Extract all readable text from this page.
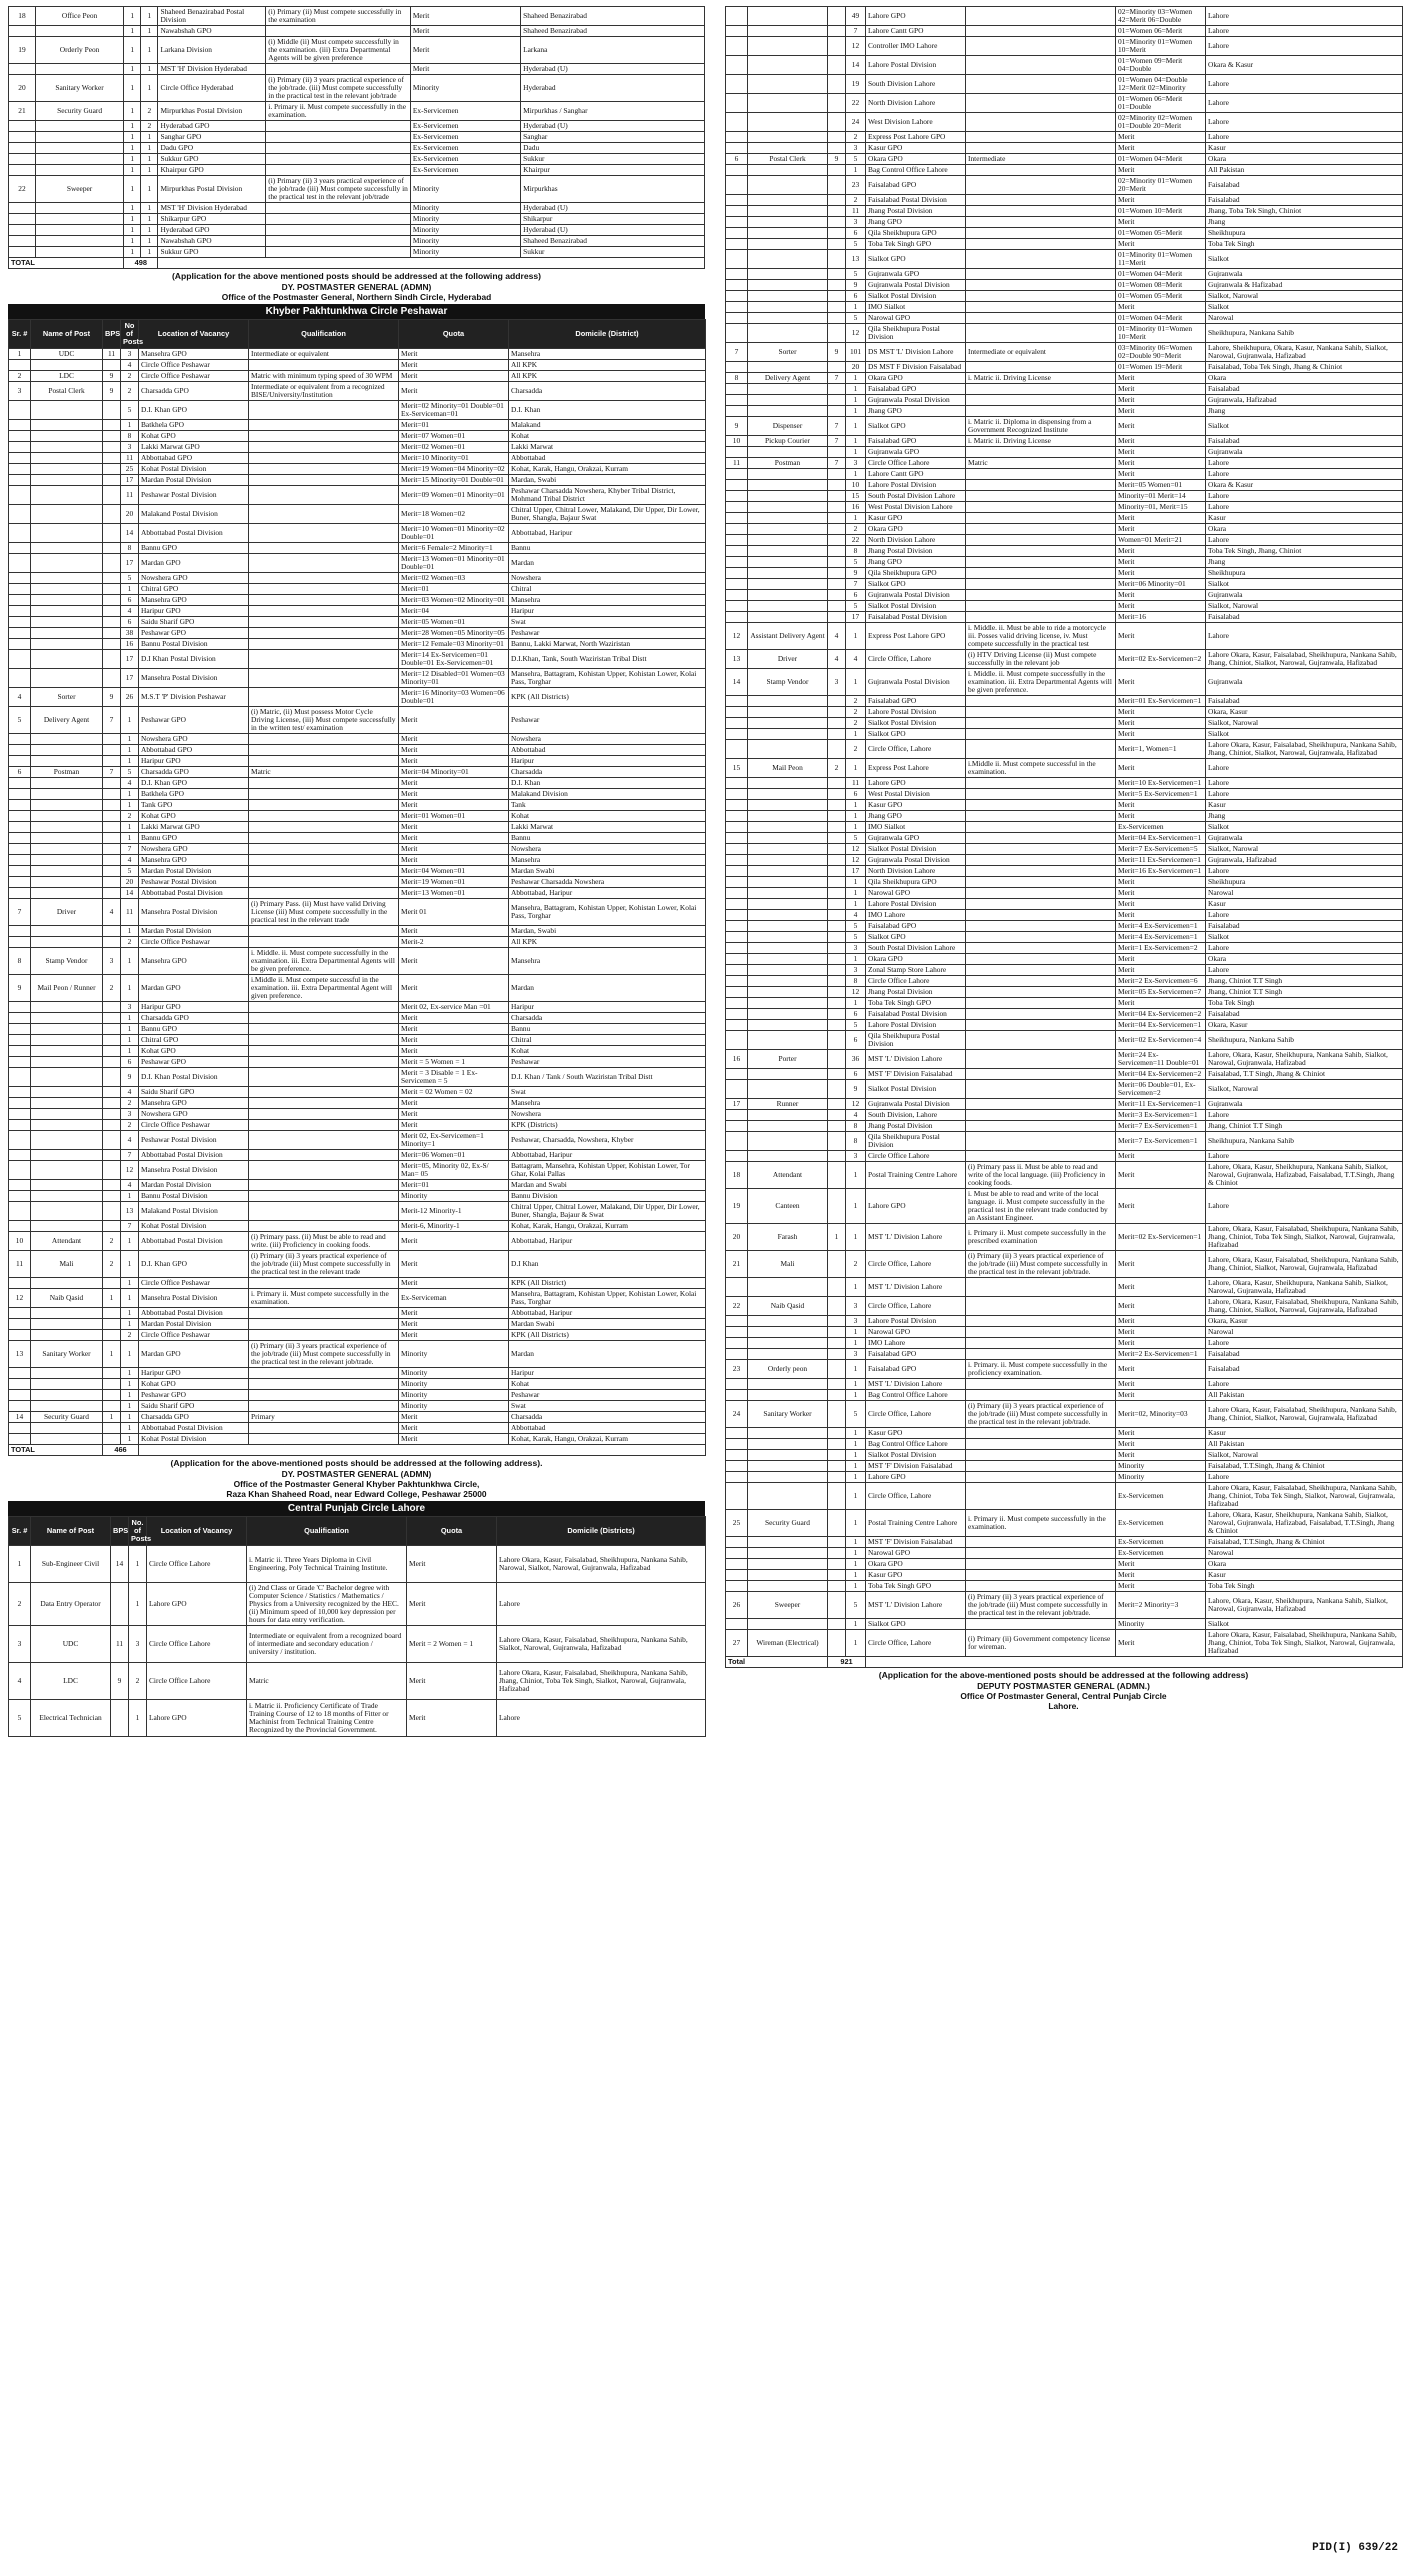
18	Office Peon	1	1	Shaheed Benazirabad Postal Division	(i) Primary (ii) Must compete successfully in the examination	Merit	Shaheed Benazirabad
		1	1	Nawabshah GPO		Merit	Shaheed Benazirabad
19	Orderly Peon	1	1	Larkana Division	(i) Middle (ii) Must compete successfully in the examination. (iii) Extra Departmental Agents will be given preference	Merit	Larkana
		1	1	MST 'H' Division Hyderabad		Merit	Hyderabad (U)
20	Sanitary Worker	1	1	Circle Office Hyderabad	(i) Primary (ii) 3 years practical experience of the job/trade. (iii) Must compete successfully in the practical test in the relevant job/trade	Minority	Hyderabad
21	Security Guard	1	2	Mirpurkhas Postal Division	i. Primary ii. Must compete successfully in the examination.	Ex-Servicemen	Mirpurkhas / Sanghar
		1	2	Hyderabad GPO		Ex-Servicemen	Hyderabad (U)
		1	1	Sanghar GPO		Ex-Servicemen	Sanghar
		1	1	Dadu GPO		Ex-Servicemen	Dadu
		1	1	Sukkur GPO		Ex-Servicemen	Sukkur
		1	1	Khairpur GPO		Ex-Servicemen	Khairpur
22	Sweeper	1	1	Mirpurkhas Postal Division	(i) Primary (ii) 3 years practical experience of the job/trade (iii) Must compete successfully in the practical test in the relevant job/trade	Minority	Mirpurkhas
		1	1	MST 'H' Division Hyderabad		Minority	Hyderabad (U)
		1	1	Shikarpur GPO		Minority	Shikarpur
		1	1	Hyderabad GPO		Minority	Hyderabad (U)
		1	1	Nawabshah GPO		Minority	Shaheed Benazirabad
		1	1	Sukkur GPO		Minority	Sukkur
TOTAL		498					
(Application for the above mentioned posts should be addressed at the following address)
DY. POSTMASTER GENERAL (ADMN)
Office of the Postmaster General, Northern Sindh Circle, Hyderabad
Khyber Pakhtunkhwa Circle Peshawar
Sr. #	Name of Post	BPS	No of Posts	Location of Vacancy	Qualification	Quota	Domicile (District)
1	UDC	11	3	Mansehra GPO	Intermediate or equivalent	Merit	Mansehra
			4	Circle Office Peshawar		Merit	All KPK
2	LDC	9	2	Circle Office Peshawar	Matric with minimum typing speed of 30 WPM	Merit	All KPK
3	Postal Clerk	9	2	Charsadda GPO	Intermediate or equivalent from a recognized BISE/University/Institution	Merit	Charsadda
			5	D.I. Khan GPO		Merit=02 Minority=01 Double=01 Ex-Serviceman=01	D.I. Khan
			1	Batkhela GPO		Merit=01	Malakand
			8	Kohat GPO		Merit=07 Women=01	Kohat
			3	Lakki Marwat GPO		Merit=02 Women=01	Lakki Marwat
			11	Abbottabad GPO		Merit=10 Minority=01	Abbottabad
			25	Kohat Postal Division		Merit=19 Women=04 Minority=02	Kohat, Karak, Hangu, Orakzai, Kurram
			17	Mardan Postal Division		Merit=15 Minority=01 Double=01	Mardan, Swabi
			11	Peshawar Postal Division		Merit=09 Women=01 Minority=01	Peshawar Charsadda Nowshera, Khyber Tribal District, Mohmand Tribal District
			20	Malakand Postal Division		Merit=18 Women=02	Chitral Upper, Chitral Lower, Malakand, Dir Upper, Dir Lower, Buner, Shangla, Bajaur Swat
			14	Abbottabad Postal Division		Merit=10 Women=01 Minority=02 Double=01	Abbottabad, Haripur
			8	Bannu GPO		Merit=6 Female=2 Minority=1	Bannu
			17	Mardan GPO		Merit=13 Women=01 Minority=01 Double=01	Mardan
			5	Nowshera GPO		Merit=02 Women=03	Nowshera
			1	Chitral GPO		Merit=01	Chitral
			6	Mansehra GPO		Merit=03 Women=02 Minority=01	Mansehra
			4	Haripur GPO		Merit=04	Haripur
			6	Saidu Sharif GPO		Merit=05 Women=01	Swat
			38	Peshawar GPO		Merit=28 Women=05 Minority=05	Peshawar
			16	Bannu Postal Division		Merit=12 Female=03 Minority=01	Bannu, Lakki Marwat, North Waziristan
			17	D.I Khan Postal Division		Merit=14 Ex-Servicemen=01 Double=01 Ex-Servicemen=01	D.I.Khan, Tank, South Waziristan Tribal Distt
			17	Mansehra Postal Division		Merit=12 Disabled=01 Women=03 Minority=01	Mansehra, Battagram, Kohistan Upper, Kohistan Lower, Kolai Pass, Torghar
4	Sorter	9	26	M.S.T 'P' Division Peshawar		Merit=16 Minority=03 Women=06 Double=01	KPK (All Districts)
5	Delivery Agent	7	1	Peshawar GPO	(i) Matric, (ii) Must possess Motor Cycle Driving License, (iii) Must compete successfully in the written test/ examination	Merit	Peshawar
			1	Nowshera GPO		Merit	Nowshera
			1	Abbottabad GPO		Merit	Abbottabad
			1	Haripur GPO		Merit	Haripur
6	Postman	7	5	Charsadda GPO	Matric	Merit=04 Minority=01	Charsadda
			4	D.I. Khan GPO		Merit	D.I. Khan
			1	Batkhela GPO		Merit	Malakand Division
			1	Tank GPO		Merit	Tank
			2	Kohat GPO		Merit=01 Women=01	Kohat
			1	Lakki Marwat GPO		Merit	Lakki Marwat
			1	Bannu GPO		Merit	Bannu
			7	Nowshera GPO		Merit	Nowshera
			4	Mansehra GPO		Merit	Mansehra
			5	Mardan Postal Division		Merit=04 Women=01	Mardan Swabi
			20	Peshawar Postal Division		Merit=19 Women=01	Peshawar Charsadda Nowshera
			14	Abbottabad Postal Division		Merit=13 Women=01	Abbottabad, Haripur
7	Driver	4	11	Mansehra Postal Division	(i) Primary Pass. (ii) Must have valid Driving License (iii) Must compete successfully in the practical test in the relevant trade	Merit 01	Mansehra, Battagram, Kohistan Upper, Kohistan Lower, Kolai Pass, Torghar
			1	Mardan Postal Division		Merit	Mardan, Swabi
			2	Circle Office Peshawar		Merit-2	All KPK
8	Stamp Vendor	3	1	Mansehra GPO	i. Middle. ii. Must compete successfully in the examination. iii. Extra Departmental Agents will be given preference.	Merit	Mansehra
9	Mail Peon / Runner	2	1	Mardan GPO	i.Middle ii. Must compete successful in the examination. iii. Extra Departmental Agent will given preference.	Merit	Mardan
			3	Haripur GPO		Merit 02, Ex-service Man =01	Haripur
			1	Charsadda GPO		Merit	Charsadda
			1	Bannu GPO		Merit	Bannu
			1	Chitral GPO		Merit	Chitral
			1	Kohat GPO		Merit	Kohat
			6	Peshawar GPO		Merit = 5 Women = 1	Peshawar
			9	D.I. Khan Postal Division		Merit = 3 Disable = 1 Ex-Servicemen = 5	D.I. Khan / Tank / South Waziristan Tribal Distt
			4	Saidu Sharif GPO		Merit = 02 Women = 02	Swat
			2	Mansehra GPO		Merit	Mansehra
			3	Nowshera GPO		Merit	Nowshera
			2	Circle Office Peshawar		Merit	KPK (Districts)
			4	Peshawar Postal Division		Merit 02, Ex-Servicemen=1 Minority=1	Peshawar, Charsadda, Nowshera, Khyber
			7	Abbottabad Postal Division		Merit=06 Women=01	Abbottabad, Haripur
			12	Mansehra Postal Division		Merit=05, Minority 02, Ex-S/ Man= 05	Battagram, Mansehra, Kohistan Upper, Kohistan Lower, Tor Ghar, Kolai Pallas
			4	Mardan Postal Division		Merit=01	Mardan and Swabi
			1	Bannu Postal Division		Minority	Bannu Division
			13	Malakand Postal Division		Merit-12 Minority-1	Chitral Upper, Chitral Lower, Malakand, Dir Upper, Dir Lower, Buner, Shangla, Bajaur & Swat
			7	Kohat Postal Division		Merit-6, Minority-1	Kohat, Karak, Hangu, Orakzai, Kurram
10	Attendant	2	1	Abbottabad Postal Division	(i) Primary pass. (ii) Must be able to read and write. (iii) Proficiency in cooking foods.	Merit	Abbottabad, Haripur
11	Mali	2	1	D.I. Khan GPO	(i) Primary (ii) 3 years practical experience of the job/trade (iii) Must compete successfully in the practical test in the relevant trade	Merit	D.I Khan
			1	Circle Office Peshawar		Merit	KPK (All District)
12	Naib Qasid	1	1	Mansehra Postal Division	i. Primary ii. Must compete successfully in the examination.	Ex-Serviceman	Mansehra, Battagram, Kohistan Upper, Kohistan Lower, Kolai Pass, Torghar
			1	Abbottabad Postal Division		Merit	Abbottabad, Haripur
			1	Mardan Postal Division		Merit	Mardan Swabi
			2	Circle Office Peshawar		Merit	KPK (All Districts)
13	Sanitary Worker	1	1	Mardan GPO	(i) Primary (ii) 3 years practical experience of the job/trade (iii) Must compete successfully in the practical test in the relevant job/trade.	Minority	Mardan
			1	Haripur GPO		Minority	Haripur
			1	Kohat GPO		Minority	Kohat
			1	Peshawar GPO		Minority	Peshawar
			1	Saidu Sharif GPO		Minority	Swat
14	Security Guard	1	1	Charsadda GPO	Primary	Merit	Charsadda
			1	Abbottabad Postal Division		Merit	Abbottabad
			1	Kohat Postal Division		Merit	Kohat, Karak, Hangu, Orakzai, Kurram
TOTAL		466					
(Application for the above-mentioned posts should be addressed at the following address).
DY. POSTMASTER GENERAL (ADMN)
Office of the Postmaster General Khyber Pakhtunkhwa Circle,
Raza Khan Shaheed Road, near Edward College, Peshawar 25000
Central Punjab Circle Lahore
Sr. #	Name of Post	BPS	No. of Posts	Location of Vacancy	Qualification	Quota	Domicile (Districts)
1	Sub-Engineer Civil	14	1	Circle Office Lahore	i. Matric ii. Three Years Diploma in Civil Engineering, Poly Technical Training Institute.	Merit	Lahore Okara, Kasur, Faisalabad, Sheikhupura, Nankana Sahib, Narowal, Sialkot, Narowal, Gujranwala, Hafizabad
2	Data Entry Operator		1	Lahore GPO	(i) 2nd Class or Grade 'C' Bachelor degree with Computer Science / Statistics / Mathematics / Physics from a University recognized by the HEC. (ii) Minimum speed of 10,000 key depression per hours for data entry verification.	Merit	Lahore
3	UDC	11	3	Circle Office Lahore	Intermediate or equivalent from a recognized board of intermediate and secondary education / university / institution.	Merit = 2 Women = 1	Lahore Okara, Kasur, Faisalabad, Sheikhupura, Nankana Sahib, Sialkot, Narowal, Gujranwala, Hafizabad
4	LDC	9	2	Circle Office Lahore	Matric	Merit	Lahore Okara, Kasur, Faisalabad, Sheikhupura, Nankana Sahib, Jhang, Chiniot, Toba Tek Singh, Sialkot, Narowal, Gujranwala, Hafizabad
5	Electrical Technician		1	Lahore GPO	i. Matric ii. Proficiency Certificate of Trade Training Course of 12 to 18 months of Fitter or Machinist from Technical Training Centre Recognized by the Provincial Government.	Merit	Lahore
			49	Lahore GPO		02=Minority 03=Women 42=Merit 06=Double	Lahore
			7	Lahore Cantt GPO		01=Women 06=Merit	Lahore
			12	Controller IMO Lahore		01=Minority 01=Women 10=Merit	Lahore
			14	Lahore Postal Division		01=Women 09=Merit 04=Double	Okara & Kasur
			19	South Division Lahore		01=Women 04=Double 12=Merit 02=Minority	Lahore
			22	North Division Lahore		01=Women 06=Merit 01=Double	Lahore
			24	West Division Lahore		02=Minority 02=Women 01=Double 20=Merit	Lahore
			2	Express Post Lahore GPO		Merit	Lahore
			3	Kasur GPO		Merit	Kasur
6	Postal Clerk	9	5	Okara GPO	Intermediate	01=Women 04=Merit	Okara
			1	Bag Control Office Lahore		Merit	All Pakistan
			23	Faisalabad GPO		02=Minority 01=Women 20=Merit	Faisalabad
			2	Faisalabad Postal Division		Merit	Faisalabad
			11	Jhang Postal Division		01=Women 10=Merit	Jhang, Toba Tek Singh, Chiniot
			3	Jhang GPO		Merit	Jhang
			6	Qila Sheikhupura GPO		01=Women 05=Merit	Sheikhupura
			5	Toba Tek Singh GPO		Merit	Toba Tek Singh
			13	Sialkot GPO		01=Minority 01=Women 11=Merit	Sialkot
			5	Gujranwala GPO		01=Women 04=Merit	Gujranwala
			9	Gujranwala Postal Division		01=Women 08=Merit	Gujranwala & Hafizabad
			6	Sialkot Postal Division		01=Women 05=Merit	Sialkot, Narowal
			1	IMO Sialkot		Merit	Sialkot
			5	Narowal GPO		01=Women 04=Merit	Narowal
			12	Qila Sheikhupura Postal Division		01=Minority 01=Women 10=Merit	Sheikhupura, Nankana Sahib
7	Sorter	9	101	DS MST 'L' Division Lahore	Intermediate or equivalent	03=Minority 06=Women 02=Double 90=Merit	Lahore, Sheikhupura, Okara, Kasur, Nankana Sahib, Sialkot, Narowal, Gujranwala, Hafizabad
			20	DS MST F Division Faisalabad		01=Women 19=Merit	Faisalabad, Toba Tek Singh, Jhang & Chiniot
8	Delivery Agent	7	1	Okara GPO	i. Matric ii. Driving License	Merit	Okara
			1	Faisalabad GPO		Merit	Faisalabad
			1	Gujranwala Postal Division		Merit	Gujranwala, Hafizabad
			1	Jhang GPO		Merit	Jhang
9	Dispenser	7	1	Sialkot GPO	i. Matric ii. Diploma in dispensing from a Government Recognized Institute	Merit	Sialkot
10	Pickup Courier	7	1	Faisalabad GPO	i. Matric ii. Driving License	Merit	Faisalabad
			1	Gujranwala GPO		Merit	Gujranwala
11	Postman	7	3	Circle Office Lahore	Matric	Merit	Lahore
			1	Lahore Cantt GPO		Merit	Lahore
			10	Lahore Postal Division		Merit=05 Women=01	Okara & Kasur
			15	South Postal Division Lahore		Minority=01 Merit=14	Lahore
			16	West Postal Division Lahore		Minority=01, Merit=15	Lahore
			1	Kasur GPO		Merit	Kasur
			2	Okara GPO		Merit	Okara
			22	North Division Lahore		Women=01 Merit=21	Lahore
			8	Jhang Postal Division		Merit	Toba Tek Singh, Jhang, Chiniot
			5	Jhang GPO		Merit	Jhang
			9	Qila Sheikhupura GPO		Merit	Sheikhupura
			7	Sialkot GPO		Merit=06 Minority=01	Sialkot
			6	Gujranwala Postal Division		Merit	Gujranwala
			5	Sialkot Postal Division		Merit	Sialkot, Narowal
			17	Faisalabad Postal Division		Merit=16	Faisalabad
12	Assistant Delivery Agent	4	1	Express Post Lahore GPO	i. Middle. ii. Must be able to ride a motorcycle iii. Posses valid driving license, iv. Must compete successfully in the practical test	Merit	Lahore
13	Driver	4	4	Circle Office, Lahore	(i) HTV Driving License (ii) Must compete successfully in the relevant job	Merit=02 Ex-Servicemen=2	Lahore Okara, Kasur, Faisalabad, Sheikhupura, Nankana Sahib, Jhang, Chiniot, Sialkot, Narowal, Gujranwala, Hafizabad
14	Stamp Vendor	3	1	Gujranwala Postal Division	i. Middle. ii. Must compete successfully in the examination. iii. Extra Departmental Agents will be given preference.	Merit	Gujranwala
			2	Faisalabad GPO		Merit=01 Ex-Servicemen=1	Faisalabad
			2	Lahore Postal Division		Merit	Okara, Kasur
			2	Sialkot Postal Division		Merit	Sialkot, Narowal
			1	Sialkot GPO		Merit	Sialkot
			2	Circle Office, Lahore		Merit=1, Women=1	Lahore Okara, Kasur, Faisalabad, Sheikhupura, Nankana Sahib, Jhang, Chiniot, Sialkot, Narowal, Gujranwala, Hafizabad
15	Mail Peon	2	1	Express Post Lahore	i.Middle ii. Must compete successful in the examination.	Merit	Lahore
			11	Lahore GPO		Merit=10 Ex-Servicemen=1	Lahore
			6	West Postal Division		Merit=5 Ex-Servicemen=1	Lahore
			1	Kasur GPO		Merit	Kasur
			1	Jhang GPO		Merit	Jhang
			1	IMO Sialkot		Ex-Servicemen	Sialkot
			5	Gujranwala GPO		Merit=04 Ex-Servicemen=1	Gujranwala
			12	Sialkot Postal Division		Merit=7 Ex-Servicemen=5	Sialkot, Narowal
			12	Gujranwala Postal Division		Merit=11 Ex-Servicemen=1	Gujranwala, Hafizabad
			17	North Division Lahore		Merit=16 Ex-Servicemen=1	Lahore
			1	Qila Sheikhupura GPO		Merit	Sheikhupura
			1	Narowal GPO		Merit	Narowal
			1	Lahore Postal Division		Merit	Kasur
			4	IMO Lahore		Merit	Lahore
			5	Faisalabad GPO		Merit=4 Ex-Servicemen=1	Faisalabad
			5	Sialkot GPO		Merit=4 Ex-Servicemen=1	Sialkot
			3	South Postal Division Lahore		Merit=1 Ex-Servicemen=2	Lahore
			1	Okara GPO		Merit	Okara
			3	Zonal Stamp Store Lahore		Merit	Lahore
			8	Circle Office Lahore		Merit=2 Ex-Servicemen=6	Jhang, Chiniot T.T Singh
			12	Jhang Postal Division		Merit=05 Ex-Servicemen=7	Jhang, Chiniot T.T Singh
			1	Toba Tek Singh GPO		Merit	Toba Tek Singh
			6	Faisalabad Postal Division		Merit=04 Ex-Servicemen=2	Faisalabad
			5	Lahore Postal Division		Merit=04 Ex-Servicemen=1	Okara, Kasur
			6	Qila Sheikhupura Postal Division		Merit=02 Ex-Servicemen=4	Sheikhupura, Nankana Sahib
16	Porter		36	MST 'L' Division Lahore		Merit=24 Ex-Servicemen=11 Double=01	Lahore, Okara, Kasur, Sheikhupura, Nankana Sahib, Sialkot, Narowal, Gujranwala, Hafizabad
			6	MST 'F' Division Faisalabad		Merit=04 Ex-Servicemen=2	Faisalabad, T.T Singh, Jhang & Chiniot
			9	Sialkot Postal Division		Merit=06 Double=01, Ex-Servicemen=2	Sialkot, Narowal
17	Runner		12	Gujranwala Postal Division		Merit=11 Ex-Servicemen=1	Gujranwala
			4	South Division, Lahore		Merit=3 Ex-Servicemen=1	Lahore
			8	Jhang Postal Division		Merit=7 Ex-Servicemen=1	Jhang, Chiniot T.T Singh
			8	Qila Sheikhupura Postal Division		Merit=7 Ex-Servicemen=1	Sheikhupura, Nankana Sahib
			3	Circle Office Lahore		Merit	Lahore
18	Attendant		1	Postal Training Centre Lahore	(i) Primary pass ii. Must be able to read and write of the local language. (iii) Proficiency in cooking foods.	Merit	Lahore, Okara, Kasur, Sheikhupura, Nankana Sahib, Sialkot, Narowal, Gujranwala, Hafizabad, Faisalabad, T.T.Singh, Jhang & Chiniot
19	Canteen		1	Lahore GPO	i. Must be able to read and write of the local language. ii. Must compete successfully in the practical test in the relevant trade conducted by an Assistant Engineer.	Merit	Lahore
20	Farash	1	1	MST 'L' Division Lahore	i. Primary ii. Must compete successfully in the prescribed examination	Merit=02 Ex-Servicemen=1	Lahore, Okara, Kasur, Faisalabad, Sheikhupura, Nankana Sahib, Jhang, Chiniot, Toba Tek Singh, Sialkot, Narowal, Gujranwala, Hafizabad
21	Mali		2	Circle Office, Lahore	(i) Primary (ii) 3 years practical experience of the job/trade (iii) Must compete successfully in the practical test in the relevant job/trade.	Merit	Lahore, Okara, Kasur, Faisalabad, Sheikhupura, Nankana Sahib, Jhang, Chiniot, Sialkot, Narowal, Gujranwala, Hafizabad
			1	MST 'L' Division Lahore		Merit	Lahore, Okara, Kasur, Sheikhupura, Nankana Sahib, Sialkot, Narowal, Gujranwala, Hafizabad
22	Naib Qasid		3	Circle Office, Lahore		Merit	Lahore, Okara, Kasur, Faisalabad, Sheikhupura, Nankana Sahib, Jhang, Chiniot, Sialkot, Narowal, Gujranwala, Hafizabad
			3	Lahore Postal Division		Merit	Okara, Kasur
			1	Narowal GPO		Merit	Narowal
			1	IMO Lahore		Merit	Lahore
			3	Faisalabad GPO		Merit=2 Ex-Servicemen=1	Faisalabad
23	Orderly peon		1	Faisalabad GPO	i. Primary. ii. Must compete successfully in the proficiency examination.	Merit	Faisalabad
			1	MST 'L' Division Lahore		Merit	Lahore
			1	Bag Control Office Lahore		Merit	All Pakistan
24	Sanitary Worker		5	Circle Office, Lahore	(i) Primary (ii) 3 years practical experience of the job/trade (iii) Must compete successfully in the practical test in the relevant job/trade.	Merit=02, Minority=03	Lahore Okara, Kasur, Faisalabad, Sheikhupura, Nankana Sahib, Jhang, Chiniot, Sialkot, Narowal, Gujranwala, Hafizabad
			1	Kasur GPO		Merit	Kasur
			1	Bag Control Office Lahore		Merit	All Pakistan
			1	Sialkot Postal Division		Merit	Sialkot, Narowal
			1	MST 'F' Division Faisalabad		Minority	Faisalabad, T.T.Singh, Jhang & Chiniot
			1	Lahore GPO		Minority	Lahore
			1	Circle Office, Lahore		Ex-Servicemen	Lahore Okara, Kasur, Faisalabad, Sheikhupura, Nankana Sahib, Jhang, Chiniot, Toba Tek Singh, Sialkot, Narowal, Gujranwala, Hafizabad
25	Security Guard		1	Postal Training Centre Lahore	i. Primary ii. Must compete successfully in the examination.	Ex-Servicemen	Lahore, Okara, Kasur, Sheikhupura, Nankana Sahib, Sialkot, Narowal, Gujranwala, Hafizabad, Faisalabad, T.T.Singh, Jhang & Chiniot
			1	MST 'F' Division Faisalabad		Ex-Servicemen	Faisalabad, T.T.Singh, Jhang & Chiniot
			1	Narowal GPO		Ex-Servicemen	Narowal
			1	Okara GPO		Merit	Okara
			1	Kasur GPO		Merit	Kasur
			1	Toba Tek Singh GPO		Merit	Toba Tek Singh
26	Sweeper		5	MST 'L' Division Lahore	(i) Primary (ii) 3 years practical experience of the job/trade (iii) Must compete successfully in the practical test in the relevant job/trade.	Merit=2 Minority=3	Lahore, Okara, Kasur, Sheikhupura, Nankana Sahib, Sialkot, Narowal, Gujranwala, Hafizabad
			1	Sialkot GPO		Minority	Sialkot
27	Wireman (Electrical)		1	Circle Office, Lahore	(i) Primary (ii) Government competency license for wireman.	Merit	Lahore Okara, Kasur, Faisalabad, Sheikhupura, Nankana Sahib, Jhang, Chiniot, Toba Tek Singh, Sialkot, Narowal, Gujranwala, Hafizabad
Total		921					
(Application for the above-mentioned posts should be addressed at the following address)
DEPUTY POSTMASTER GENERAL (ADMN.)
Office Of Postmaster General, Central Punjab Circle
Lahore.
PID(I) 639/22
